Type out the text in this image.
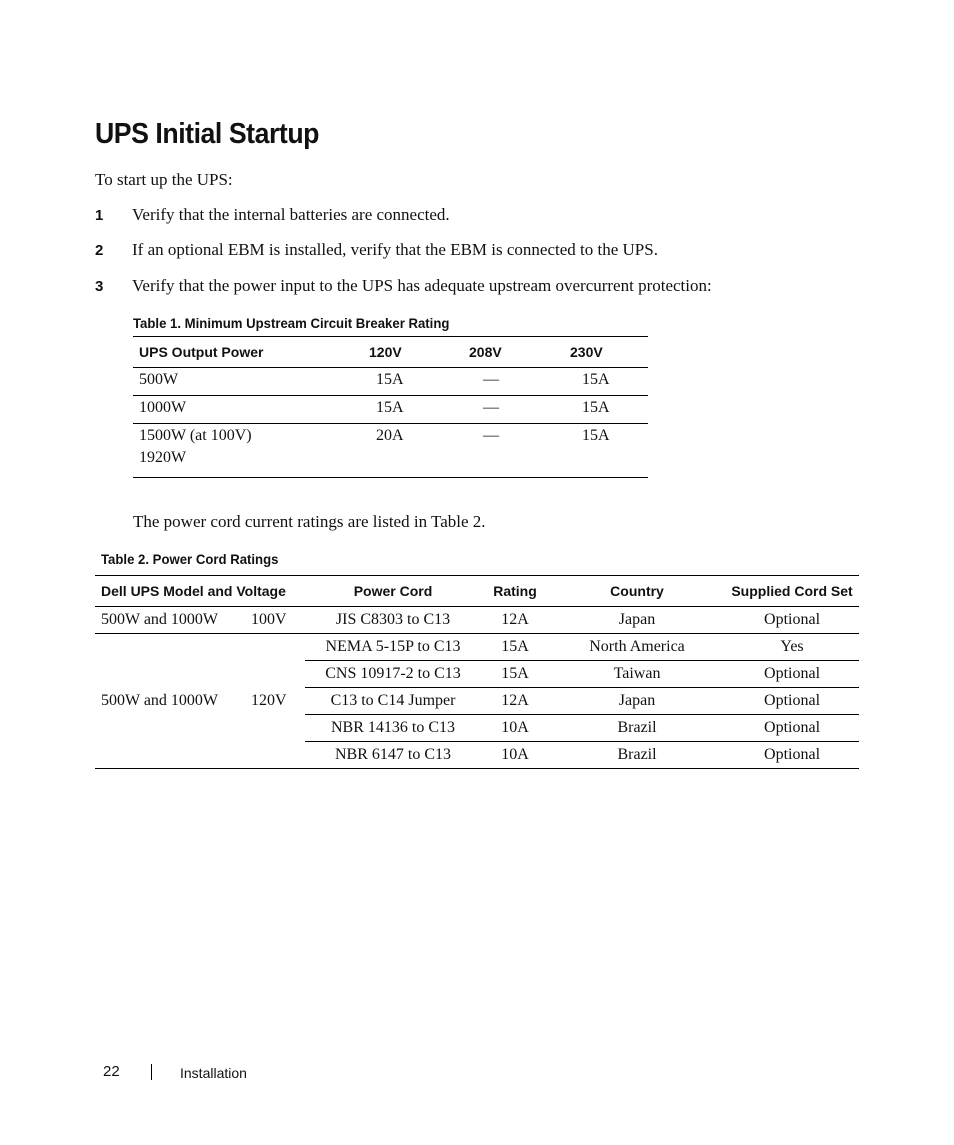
UPS Initial Startup
To start up the UPS:
1 Verify that the internal batteries are connected.
2 If an optional EBM is installed, verify that the EBM is connected to the UPS.
3 Verify that the power input to the UPS has adequate upstream overcurrent protection:
Table 1. Minimum Upstream Circuit Breaker Rating
UPS Output Power	120V	208V	230V
500W	15A	—	15A
1000W	15A	—	15A
1500W (at 100V)
1920W	20A	—	15A
The power cord current ratings are listed in Table 2.
Table 2. Power Cord Ratings
Dell UPS Model and Voltage		Power Cord	Rating	Country	Supplied Cord Set
500W and 1000W	100V	JIS C8303 to C13	12A	Japan	Optional
500W and 1000W	120V	NEMA 5-15P to C13	15A	North America	Yes
		CNS 10917-2 to C13	15A	Taiwan	Optional
		C13 to C14 Jumper	12A	Japan	Optional
		NBR 14136 to C13	10A	Brazil	Optional
		NBR 6147 to C13	10A	Brazil	Optional
22	Installation
